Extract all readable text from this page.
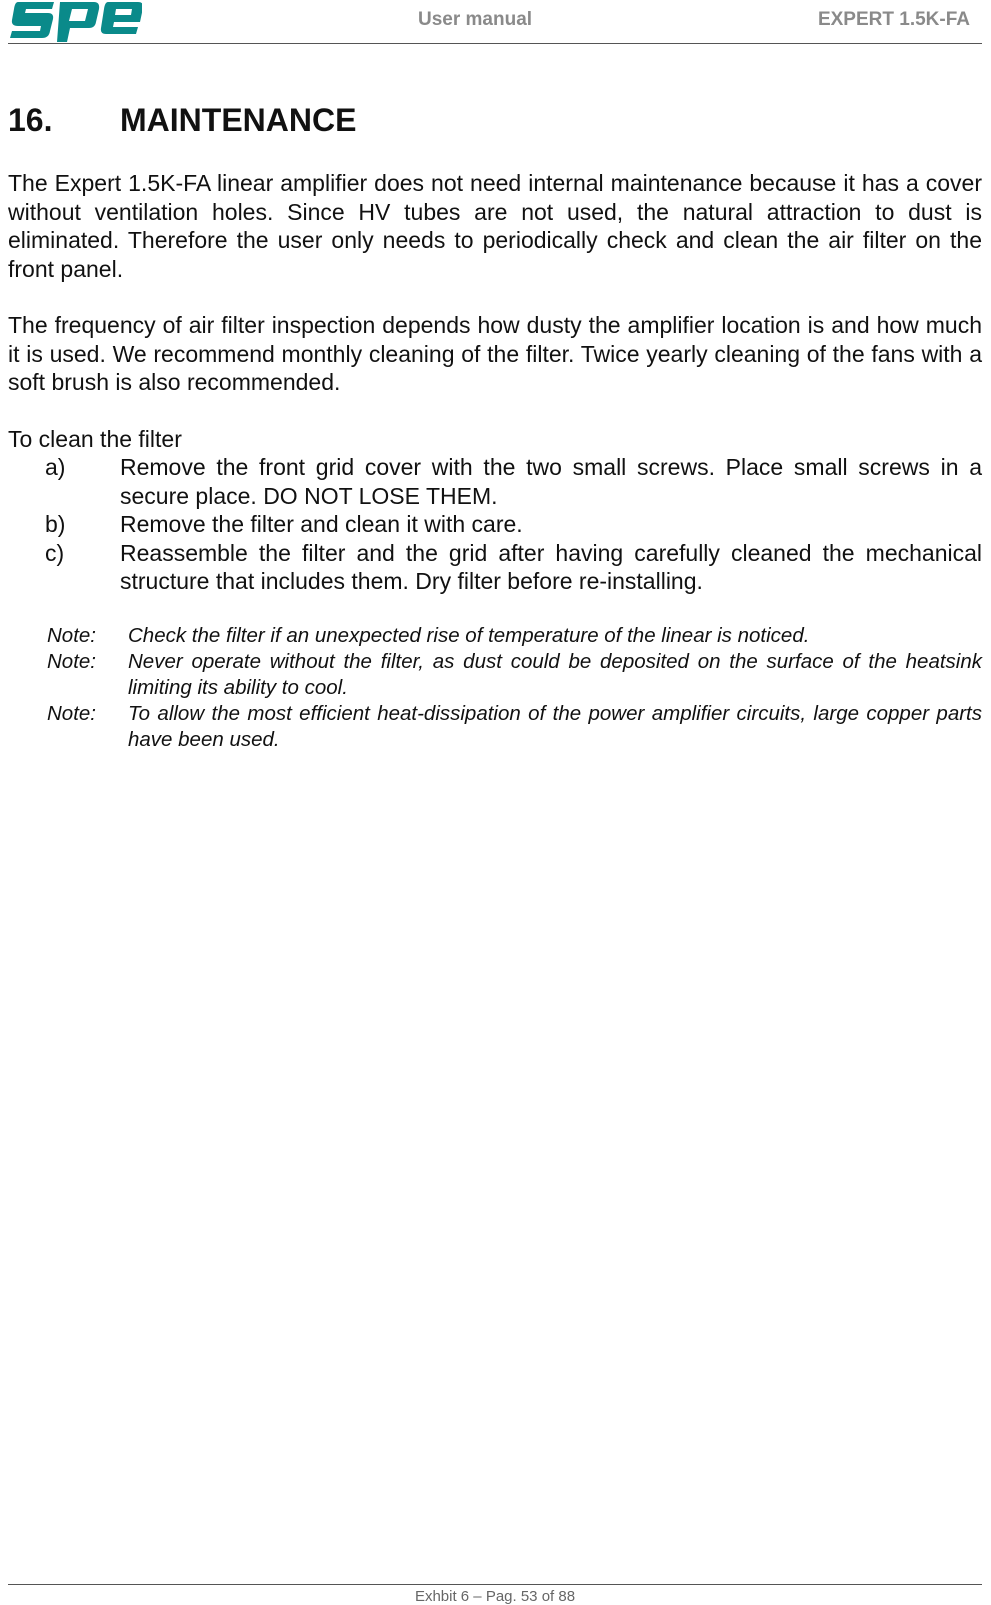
User manual	EXPERT 1.5K-FA
16. MAINTENANCE

The Expert 1.5K-FA linear amplifier does not need internal maintenance because it has a cover without ventilation holes. Since HV tubes are not used, the natural attraction to dust is eliminated. Therefore the user only needs to periodically check and clean the air filter on the front panel.

The frequency of air filter inspection depends how dusty the amplifier location is and how much it is used. We recommend monthly cleaning of the filter. Twice yearly cleaning of the fans with a soft brush is also recommended.

To clean the filter

a) Remove the front grid cover with the two small screws. Place small screws in a secure place. DO NOT LOSE THEM.
b) Remove the filter and clean it with care.
c) Reassemble the filter and the grid after having carefully cleaned the mechanical structure that includes them. Dry filter before re-installing.
Note: Check the filter if an unexpected rise of temperature of the linear is noticed.
Note: Never operate without the filter, as dust could be deposited on the surface of the heatsink limiting its ability to cool.
Note: To allow the most efficient heat-dissipation of the power amplifier circuits, large copper parts have been used.
Exhbit 6 – Pag. 53 of 88
